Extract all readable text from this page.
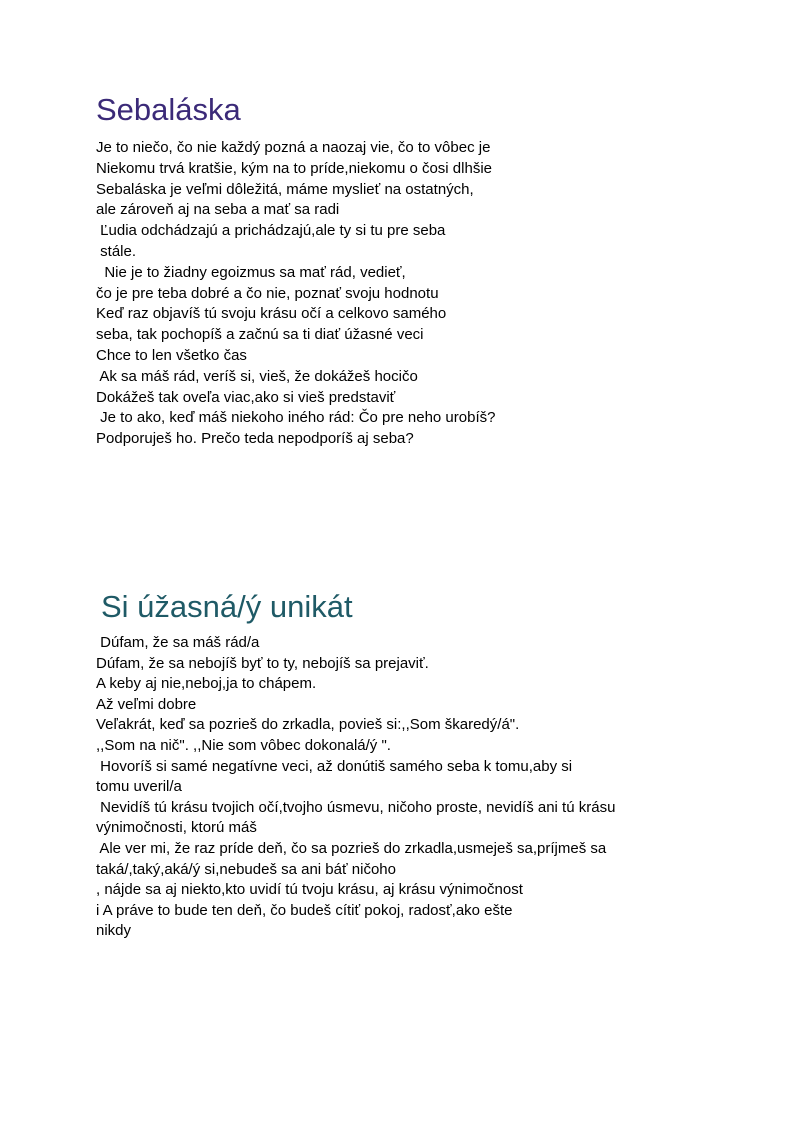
Sebaláska
Je to niečo, čo nie každý pozná a naozaj vie, čo to vôbec je
Niekomu trvá kratšie, kým na to príde,niekomu o čosi dlhšie
Sebaláska je veľmi dôležitá, máme myslieť na ostatných,
ale zároveň aj na seba a mať sa radi
Ľudia odchádzajú a prichádzajú,ale ty si tu pre seba
stále.
Nie je to žiadny egoizmus sa mať rád, vedieť,
čo je pre teba dobré a čo nie, poznať svoju hodnotu
Keď raz objavíš tú svoju krásu očí a celkovo samého
seba, tak pochopíš a začnú sa ti diať úžasné veci
Chce to len všetko čas
Ak sa máš rád, veríš si, vieš, že dokážeš hocičo
Dokážeš tak oveľa viac,ako si vieš predstaviť
Je to ako, keď máš niekoho iného rád: Čo pre neho urobíš?
Podporuješ ho. Prečo teda nepodporíš aj seba?
Si úžasná/ý unikát
Dúfam, že sa máš rád/a
Dúfam, že sa nebojíš byť to ty, nebojíš sa prejaviť.
A keby aj nie,neboj,ja to chápem.
Až veľmi dobre
Veľakrát, keď sa pozrieš do zrkadla, povieš si:,,Som škaredý/á".
,,Som na nič". ,,Nie som vôbec dokonalá/ý ".
Hovoríš si samé negatívne veci, až donútiš samého seba k tomu,aby si
tomu uveril/a
Nevidíš tú krásu tvojich očí,tvojho úsmevu, ničoho proste, nevidíš ani tú krásu
výnimočnosti, ktorú máš
Ale ver mi, že raz príde deň, čo sa pozrieš do zrkadla,usmeješ sa,príjmeš sa
taká/,taký,aká/ý si,nebudeš sa ani báť ničoho
, nájde sa aj niekto,kto uvidí tú tvoju krásu, aj krásu výnimočnost
i A práve to bude ten deň, čo budeš cítiť pokoj, radosť,ako ešte
nikdy
